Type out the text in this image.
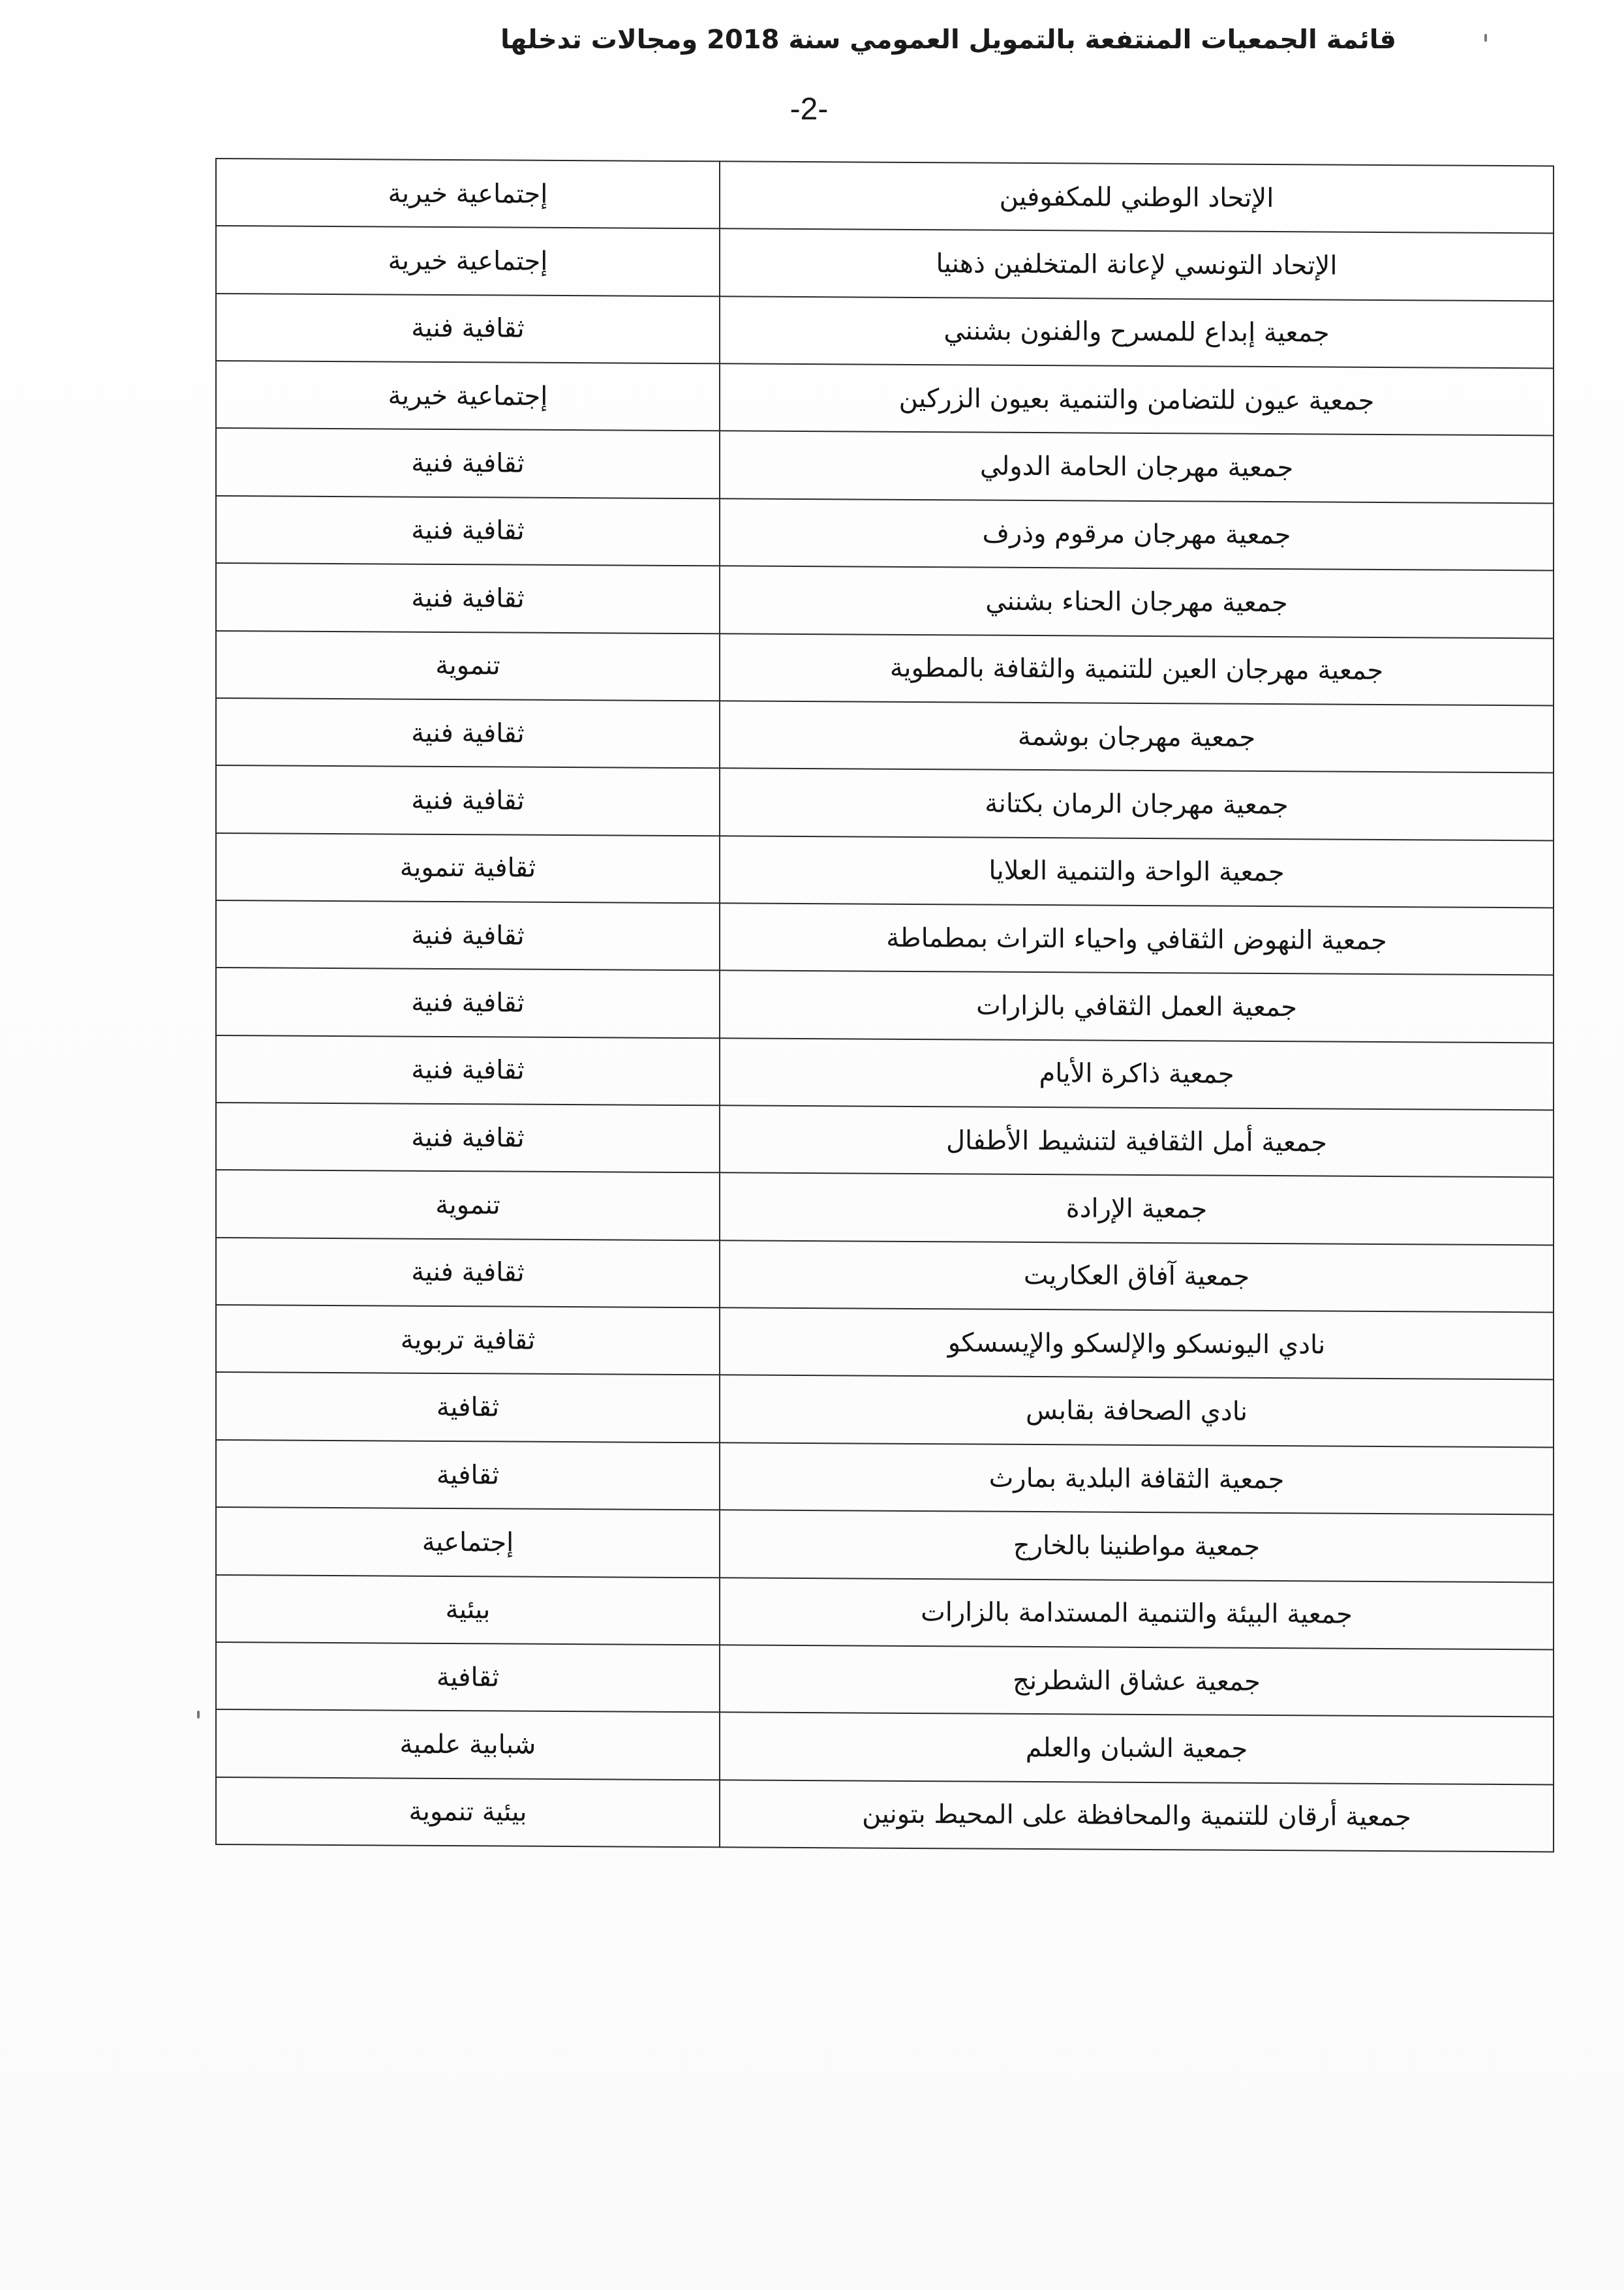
قائمة الجمعيات المنتفعة بالتمويل العمومي سنة 2018 ومجالات تدخلها
-2-
الإتحاد الوطني للمكفوفين	إجتماعية خيرية
الإتحاد التونسي لإعانة المتخلفين ذهنيا	إجتماعية خيرية
جمعية إبداع للمسرح والفنون بشنني	ثقافية فنية
جمعية عيون للتضامن والتنمية بعيون الزركين	إجتماعية خيرية
جمعية مهرجان الحامة الدولي	ثقافية فنية
جمعية مهرجان مرقوم وذرف	ثقافية فنية
جمعية مهرجان الحناء بشنني	ثقافية فنية
جمعية مهرجان العين للتنمية والثقافة بالمطوية	تنموية
جمعية مهرجان بوشمة	ثقافية فنية
جمعية مهرجان الرمان بكتانة	ثقافية فنية
جمعية الواحة والتنمية العلايا	ثقافية تنموية
جمعية النهوض الثقافي واحياء التراث بمطماطة	ثقافية فنية
جمعية العمل الثقافي بالزارات	ثقافية فنية
جمعية ذاكرة الأيام	ثقافية فنية
جمعية أمل الثقافية لتنشيط الأطفال	ثقافية فنية
جمعية الإرادة	تنموية
جمعية آفاق العكاريت	ثقافية فنية
نادي اليونسكو والإلسكو والإيسسكو	ثقافية تربوية
نادي الصحافة بقابس	ثقافية
جمعية الثقافة البلدية بمارث	ثقافية
جمعية مواطنينا بالخارج	إجتماعية
جمعية البيئة والتنمية المستدامة بالزارات	بيئية
جمعية عشاق الشطرنج	ثقافية
جمعية الشبان والعلم	شبابية علمية
جمعية أرقان للتنمية والمحافظة على المحيط بتونين	بيئية تنموية
